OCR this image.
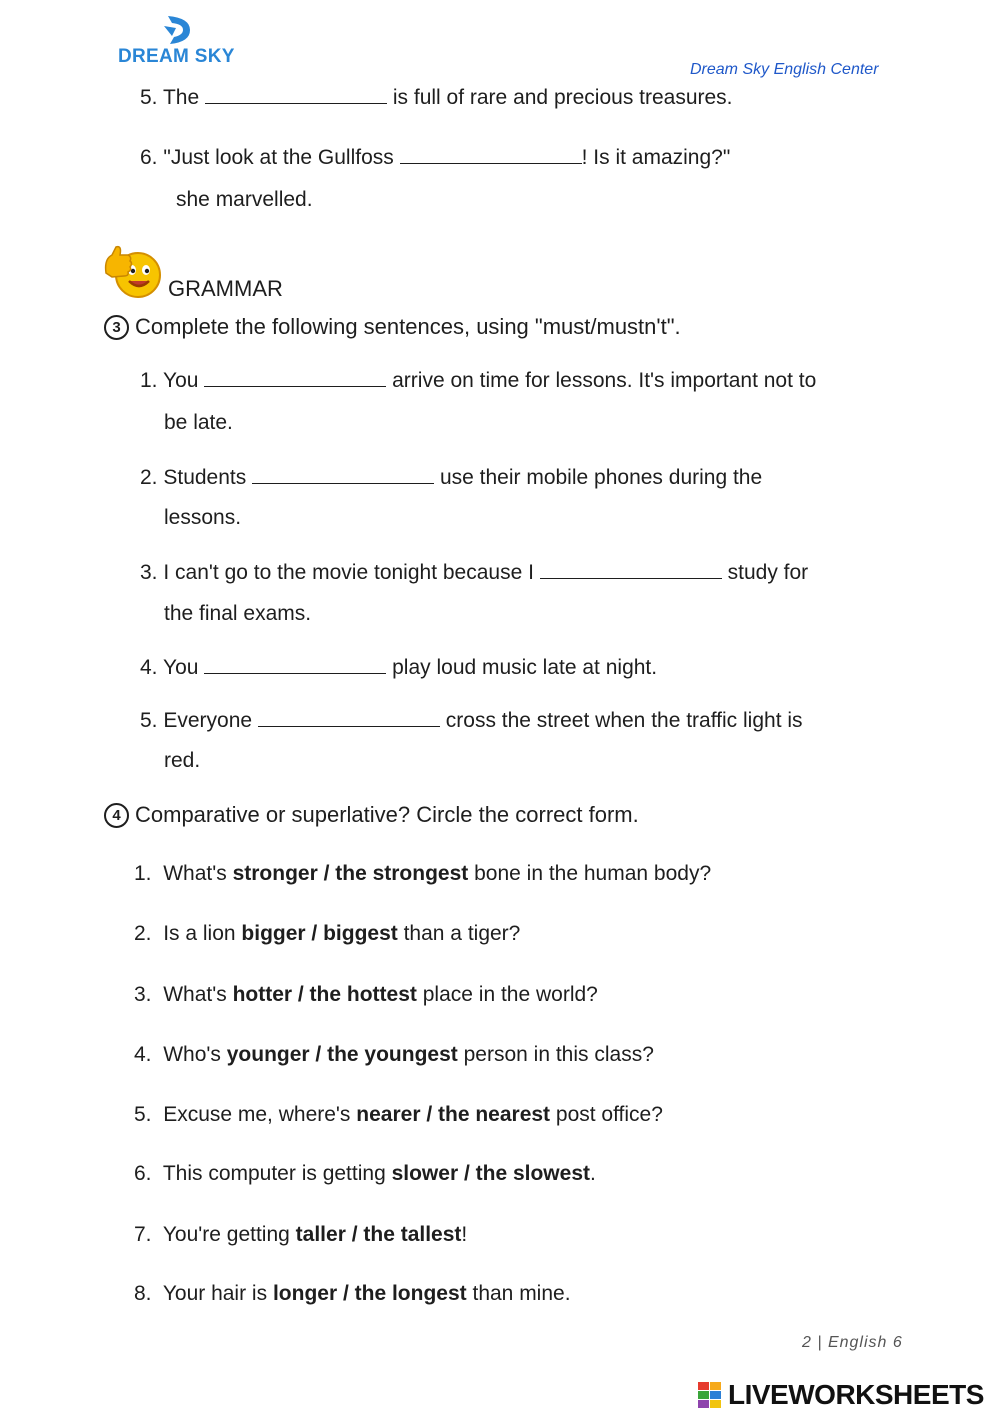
DREAM SKY
Dream Sky English Center
5. The	is full of rare and precious treasures.
6. "Just look at the Gullfoss	! Is it amazing?"
she marvelled.
GRAMMAR
3 Complete the following sentences, using "must/mustn't".
1. You	arrive on time for lessons. It's important not to
be late.
2. Students	use their mobile phones during the
lessons.
3. I can't go to the movie tonight because I	study for
the final exams.
4. You	play loud music late at night.
5. Everyone	cross the street when the traffic light is
red.
4 Comparative or superlative? Circle the correct form.
1. What's stronger / the strongest bone in the human body?
2. Is a lion bigger / biggest than a tiger?
3. What's hotter / the hottest place in the world?
4. Who's younger / the youngest person in this class?
5. Excuse me, where's nearer / the nearest post office?
6. This computer is getting slower / the slowest.
7. You're getting taller / the tallest!
8. Your hair is longer / the longest than mine.
2 | English 6
LIVEWORKSHEETS
